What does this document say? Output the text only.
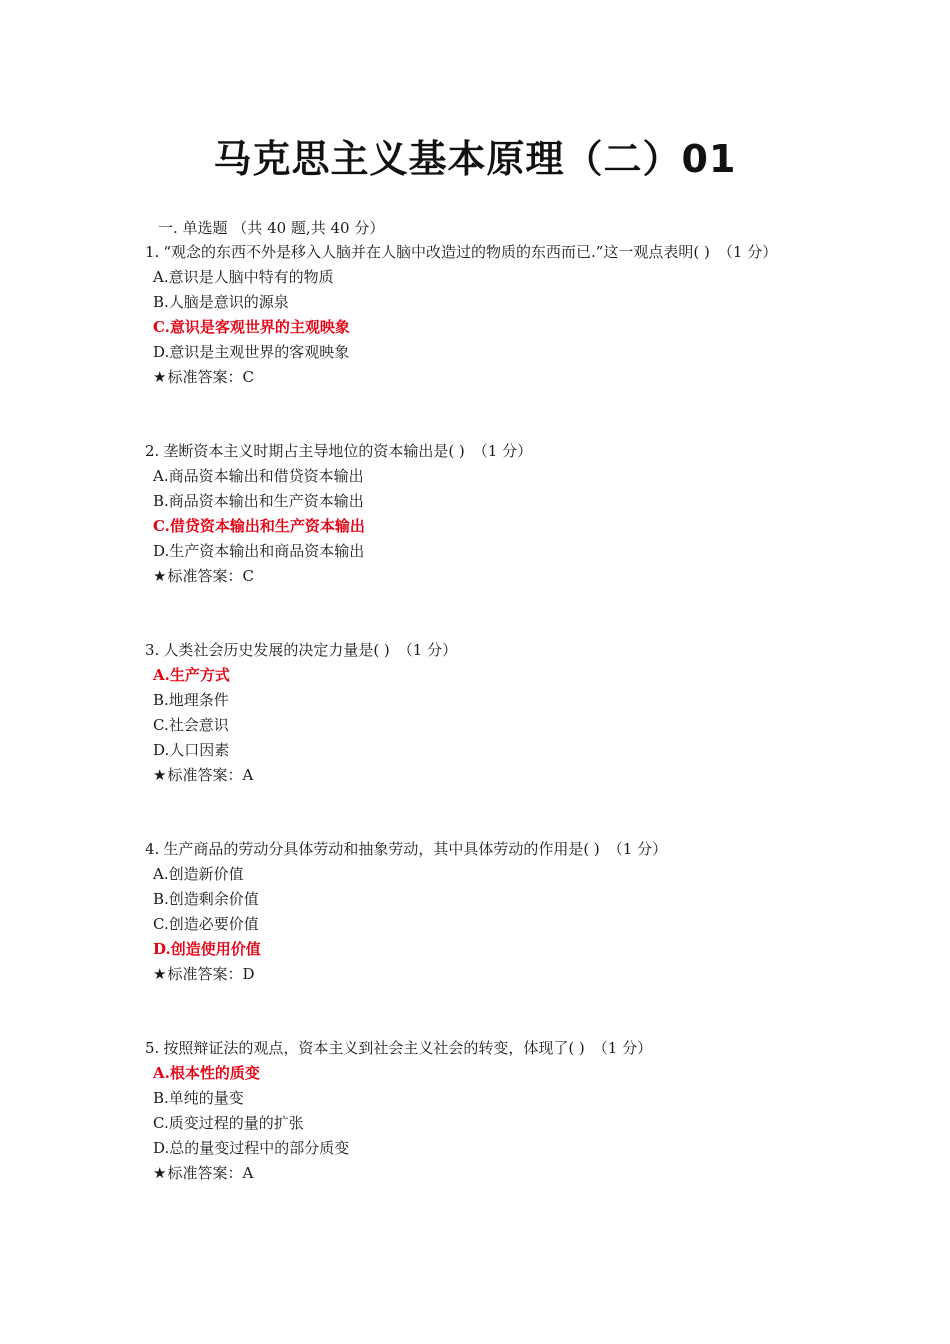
马克思主义基本原理（二）01
一. 单选题 （共 40 题,共 40 分）

1. “观念的东西不外是移入人脑并在人脑中改造过的物质的东西而已.”这一观点表明( ) （1 分）

A.意识是人脑中特有的物质
B.人脑是意识的源泉
C.意识是客观世界的主观映象
D.意识是主观世界的客观映象
★标准答案：C

2. 垄断资本主义时期占主导地位的资本输出是( ) （1 分）

A.商品资本输出和借贷资本输出
B.商品资本输出和生产资本输出
C.借贷资本输出和生产资本输出
D.生产资本输出和商品资本输出
★标准答案：C

3. 人类社会历史发展的决定力量是( ) （1 分）

A.生产方式
B.地理条件
C.社会意识
D.人口因素
★标准答案：A

4. 生产商品的劳动分具体劳动和抽象劳动，其中具体劳动的作用是( ) （1 分）

A.创造新价值
B.创造剩余价值
C.创造必要价值
D.创造使用价值
★标准答案：D

5. 按照辩证法的观点，资本主义到社会主义社会的转变，体现了( ) （1 分）

A.根本性的质变
B.单纯的量变
C.质变过程的量的扩张
D.总的量变过程中的部分质变
★标准答案：A
